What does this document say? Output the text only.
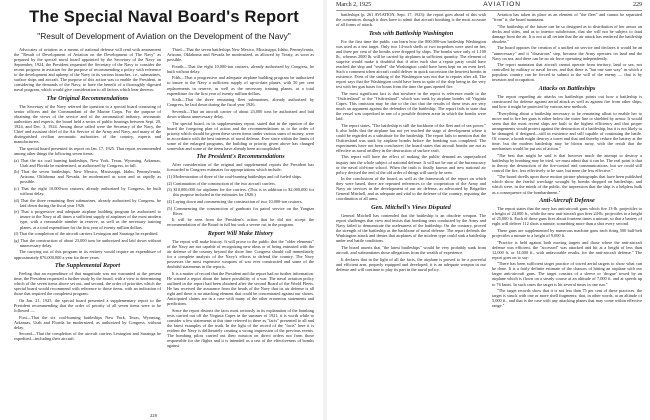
The Special Naval Board's Report
"Result of Development of Aviation on the Development of the Navy"

Advocates of aviation as a means of national defense will read with amusement the "Result of Development of Aviation on the Development of The Navy" as prepared by the special naval board appointed by the Secretary of the Navy on September, 1924, the President requested the Secretary of the Navy to consider the recent progress in aviation for the purpose of recommending a policy with reference to the development and upkeep of the Navy in its various branches, i.e., submarines, surface ships and aircraft. The purpose of this action was to enable the President, in considering the demands of the Navy, to have the benefit of a thoroughly digested naval program, which would give consideration to all factors which bear thereon.

The Original Recommendations

The Secretary of the Navy referred the question to a special board consisting of senior officers and the Commandant of the Marine Corps. For the purpose of obtaining the views of the service and of the aeronautical industry, aeronautic authorities and experts, the board held a series of public hearings between Sept. 20, 1924, and Dec. 3, 1924. Among those called were the Secretary of the Navy, the Chief and assistant chief of the Air Service of the Army and Navy, and many of the distinguished civilian aeronautic authorities of the country, experts and manufacturers.

The special board presented its report on Jan. 17, 1925. That report recommended among other things the following seven items:

(a) That the six coal burning battleships, New York, Texas, Wyoming, Arkansas, Utah and Florida be modernized, as authorized by Congress, in full.
(b) That the seven battleships, New Mexico, Mississippi, Idaho, Pennsylvania, Arizona, Oklahoma and Nevada, be modernized as soon and as rapidly as possible.
(c) That the eight 10,000-ton cruisers, already authorized by Congress, be built without delay.
(d) That the three remaining fleet submarines, already authorized by Congress, be laid down during the fiscal year 1926.
(e) That a progressive and adequate airplane building program be authorized to insure to the Navy at all times a sufficient supply of airplanes of the most modern type, with a reasonable number in reserve, as well as the necessary training planes, at a total expenditure for the first year of twenty million dollars.
(f) That the completion of the aircraft carriers Lexington and Saratoga be expedited.
(g) That the construction of about 23,000 tons be authorized and laid down without unnecessary delay.

The carrying out of this program in its entirety would require an expenditure of approximately $76,000,000 a year for three years.

The Supplemental Report

Feeling that an expenditure of that magnitude was not warranted at the present time, the President requested a further study by the board, with a view to determining which of the seven items above set out, and second, the order of priorities which the special board would recommend with reference to those items, with an indication of those that required the completest program.

On Jan. 21, 1925, the special board presented a supplementary report to the President recommending that the order of priority of all seven items were to be followed —

First—That the six coal-burning battleships New York, Texas, Wyoming, Arkansas, Utah and Florida be modernized, as authorized by Congress, without delay.

Second—That the completion of the aircraft carriers Lexington and Saratoga be expedited—including their aircraft.

Third—That the seven battleships New Mexico, Mississippi, Idaho, Pennsylvania, Arizona, Oklahoma and Nevada be modernized, as allowed by Treaty, as soon as possible.

Fourth—That the eight 10,000-ton cruisers, already authorized by Congress, be built without delay.

Fifth—That a progressive and adequate airplane building program be authorized to insure to the Navy a sufficient supply of up-to-date planes, with 50 per cent replacements in reserve, as well as the necessary training planes, at a total expenditure for the first year of twenty million dollars.

Sixth—That the three remaining fleet submarines, already authorized by Congress, be laid down during the fiscal year 1926.

Seventh—That an aircraft carrier of about 23,000 tons be authorized and laid down without unnecessary delay.

The special board, in its supplementary report, stated that in the opinion of the board the foregoing plan of action and the recommendations as to the order of priority which should be given these seven items under various sums of money, were in accordance with the best interests of naval defense. Ever since within the limits of some of the enlarged programs, the building or priority given above has changed somewhat and some of the items have already been accomplished.

The President's Recommendations

After consideration of the original and supplemental reports the President has forwarded to Congress estimates for appropriations which include:

(1) Modernization of three of the coal-burning battleships and oil fueled ships.
(2) Continuation of the construction of the two aircraft carriers.
(3) $10,000,000 for airplanes for the carriers. (This is in addition to $2,000,000 for this purpose included in the estimates for 1926.)
(4) Laying down and commencing the construction of two 10,000-ton cruisers.
(5) Commencing the construction of gunboats for patrol service on the Yangtze River.

It will be seen from the President's action that he did not accept the recommendation of the Board in full but took a severe cut in the program.

Report Will Make History

The report will make history. It will prove to the public that the "older elements" of the Navy are not capable of recognizing new ideas or of being entrusted with the air defense of the country beyond the shore line. Congress should call immediately for a complete analysis of the Navy's efforts to defend the country. The Navy possesses the most expensive weapons of war ever constructed and some of the doubtful statements in the reports.

It is a matter of record that the President and the report had no further information. He wanted a report about the future possibility of a war. The naval aviation policy outlined in the report had been obtained after the second Board of the World Fleets. He has received the assurance from the heads of the Navy that its air defense is all right and there is no attacking element that could be concentrated against our shores. Anticipated claims are in a case with many of the other erroneous statements and predictions.

Since the report distorts the facts most seriously in its explanation of the bombing tests carried out off the Virginia Capes in the summer of 1921, it is worth while to consider a few statements at this time referred to there as "facts" presented to all and the latest examples of the truth. In the light of the record of the "facts" here it is evident the Navy is deliberately creating a wrong impression of the previous events. The bombing pilots carried out their mission on direct orders not from those responsible for the flights and it is intended as a test of the effectiveness of bombs against

228
March 2, 1925	AVIATION	229

battleships (p. 261 AVIATION, Sept. 17, 1923): the report goes ahead of this with the contention, though it does have to admit that aircraft bombing is the most accurate of all forms of attack.

Tests with Battleship Washington

For the first time the public can learn how the 800,000-ton battleship Washington was used as a test target. Only two 14-inch shells or two torpedoes were used on her, and three per cent of the bombs were dropped by ships. The bombs were only of 1,100 lb., whereas 2000 lb. will be carried by airplanes in sufficient quantity. The element of surprise would make it doubtful that if after each shot a repair party could have reached the ship and "sealed" the Washington could have been kept on an even keel. Such a comment when aircraft could deliver in quick succession the heaviest bombs in existence. Even of the sinking of the Washington was not due to repairs after all. The report says that the Washington could have been in spite of the ship being in the very test with her gun bases for hours from the time the guns opened fire.

The most significant fact is that nowhere in the report is reference made to the "Ostfriesland" or the "Ostfriesland", which was sunk by airplane bombs off Virginia Capes. This omission may be due to the fact that the results of these tests are very much an argument against the defenders of the battleship. The report fails to state that the vessel was torpedoed in one of a possible thirteen areas in which the bombs were laid.

The report states, "The battleship is still the backbone of the fleet and of sea power." It also holds that the airplane has not yet reached the stage of development where it could be regarded as a substitute for the battleship. The report fails to mention that the Ostfriesland was sunk by airplane bombs before the bombing was completed. The experiments have not been conclusive; the board states that aircraft bombs are not as effective as naval artillery in the destruction of surface craft.

This report will have the effect of making the public demand an unprejudiced inquiry into the whole subject of national defense. It will not be one of the bureaucracy or the naval old-time school. When the truth is finally known and new national air policy devised the end of the old order of things will surely be seen.

In the conclusions of the board, as well as the framework of the report on which they were based, there are repeated references to the cooperation of the Army and Navy air services in the development of our air defense, as advocated by Brigadier General Mitchell, and as adequate and vital to the defense of the country, requiring the coordination of all arms.

Gen. Mitchell's Views Disputed

General Mitchell has contended that the battleship is an obsolete weapon. The report challenges that view and insists that bombing tests conducted by the Army and Navy failed to demonstrate the uselessness of the battleship. On the contrary, proved the strength of the battleship as the backbone of naval defense. The report defends the Washington attack and denies that airplanes of the modern type could sink a battleship under real battle conditions.

The board asserts that "the latest battleships" would be very probably sunk from aircraft, and substantiates those allegations from the wealth of experience.

It declares that in the light of all the facts, the airplane is proved to be a powerful and efficient arm, properly equipped and developed, it is an adequate weapon in our defense and will continue to play its part in the naval policy.

Aviation has taken its place as an element of "the fleet" and cannot be separated "from" it, the board maintains.

"The battleship of the future can be so designed as to distribution of her armor on decks and sides, and as to interior subdivision, that she will not be subject to fatal damage from the air. It is not at all certain that the air attack has rendered the battleship obsolete."

The board opposes the creation of a unified air service and declares it would be an "unnecessary" and it "disastrous" step, because the Army operates on land and the Navy on sea, and there can be no air force operating independently.

The report maintains that aircraft cannot operate from territory, land or sea, not controlled by military or naval forces, and that there is "but one sure way" in which a populous country can be forced to submit to the will of the enemy — that is by invasion and occupation.

Attacks on Battleships

The report regarding air attacks on battleships points out how a battleship is constructed for defense against aerial attack as well as against fire from other ships, and how it might be protected by various new methods.

"Everything about a battleship necessary to be remaining afloat to enable her to move and to fire her guns is either below the water line or shielded by armor. It would seem that the most recent ships are built to the highest efficiency and that proper arrangements would protect against the destruction of a battleship, but it is not likely to be damaged, if designed—still in existence and still capable of continuing the battle. Of course, a bomb might destroy a turret and that and thereby reduce the battery at the time, but the modern battleship may be blown away, with the result that the mechanism would be put out of action."

"The best that might be said is that however much the attempt to destroy a battleship by bombing may be tried, we must admit that it can be. The real point is that in theory the destruction of the fire-control and communications, but we could still control the fire, less effectively to be sure, but none the less effective."

"The board dwells upon those motion picture photographs that have been published which show the fearful wreckage wrought by bombs dropped on battleships, and which were, in the minds of the public, the impression that the ship is a helpless hulk as a consequence of the bombardment."

Anti-Aircraft Defense

The report states that the navy has anti-aircraft guns which fire 13-lb. projectiles to a height of 24,000 ft., while the new anti-aircraft gun fires 24-lb. projectiles to a height of 25,000 ft. Each of these guns fires about fourteen times a minute, so that a battery of eight will deliver 112 shots a minute, something more than a shot every second.

These guns are supplemented by numerous machine guns each firing 500 ball-belt projectiles a minute to a height of 9,000 ft.

"Practice is held against both moving targets and those where the anti-aircraft defense was efficient, the "accessed" was attacked and hit at a height of less than 12,000 ft. or 14,000 ft., with unfavorable results, for the anti-aircraft defense." The report goes on to say:

"There has been sufficient target practice of towed aerial targets to show what can be done. It is a fairly definite estimate of the chances of hitting an airplane with our larger anti-aircraft guns. The target consists of a sleeve or 'drogue' towed by an airplane which is flown on a steady course at an altitude of 7,000 ft. and at speeds up to 76 knots. In such cases the target is hit several times in one run."

"The target records show that it is not less than 75 per cent of these practices, the target is struck with one or more shell fragments; that, in other words, at an altitude of 5,000 ft., and that is the case with any attacking planes that may come within effective range."
